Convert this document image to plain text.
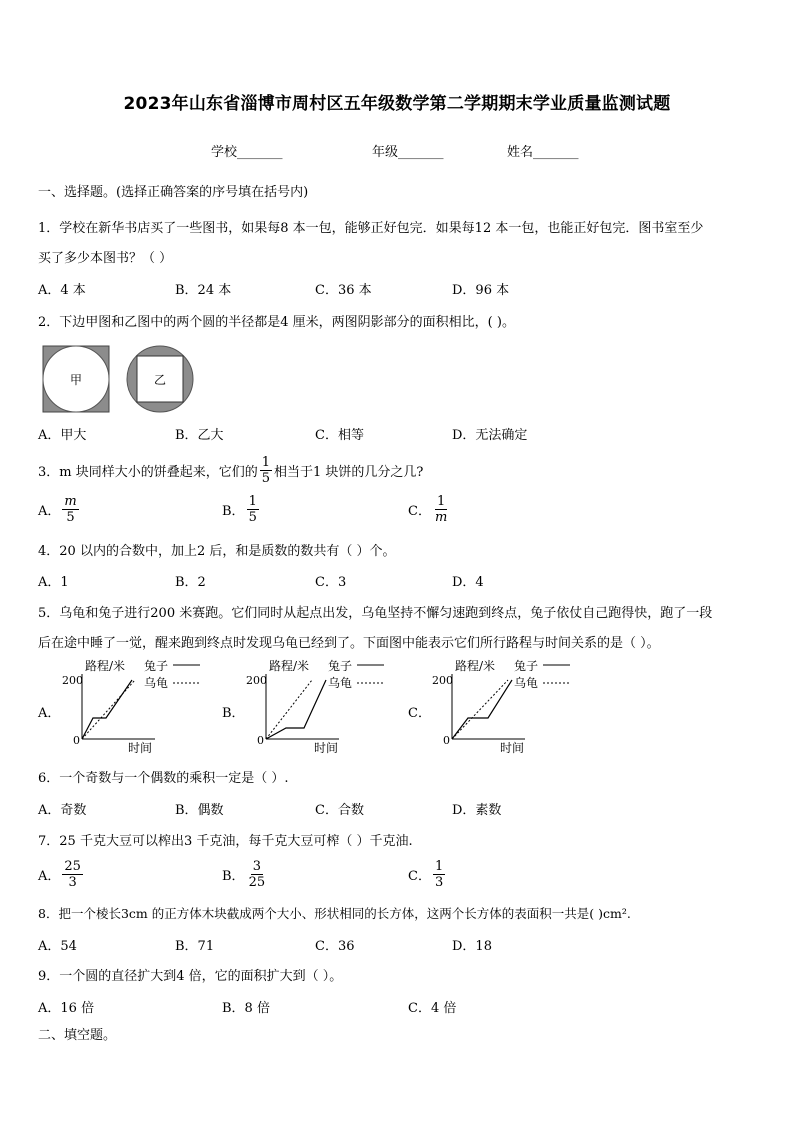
2023年山东省淄博市周村区五年级数学第二学期期末学业质量监测试题
学校_______	年级_______	姓名_______
一、选择题。(选择正确答案的序号填在括号内)
1．学校在新华书店买了一些图书，如果每8 本一包，能够正好包完．如果每12 本一包，也能正好包完．图书室至少
买了多少本图书？（ ）
A．4 本	B．24 本	C．36 本	D．96 本
2．下边甲图和乙图中的两个圆的半径都是4 厘米，两图阴影部分的面积相比，( )。
甲	乙
A．甲大	B．乙大	C．相等	D．无法确定
3．m 块同样大小的饼叠起来，它们的 $\frac{1}{5}$ 相当于1 块饼的几分之几?
A． $\frac{m}{5}$	B． $\frac{1}{5}$	C． $\frac{1}{m}$
4．20 以内的合数中，加上2 后，和是质数的数共有（ ）个。
A．1	B．2	C．3	D．4
5．乌龟和兔子进行200 米赛跑。它们同时从起点出发，乌龟坚持不懈匀速跑到终点，兔子依仗自己跑得快，跑了一段
后在途中睡了一觉，醒来跑到终点时发现乌龟已经到了。下面图中能表示它们所行路程与时间关系的是（ ）。
A．	B．	C．
路程/米 兔子
乌龟
200
0
时间
路程/米 兔子
乌龟
200
0
时间
路程/米 兔子
乌龟
200
0
时间
6．一个奇数与一个偶数的乘积一定是（ ）.
A．奇数	B．偶数	C．合数	D．素数
7．25 千克大豆可以榨出3 千克油，每千克大豆可榨（ ）千克油.
A． $\frac{25}{3}$	B． $\frac{3}{25}$	C． $\frac{1}{3}$
8．把一个棱长3cm 的正方体木块截成两个大小、形状相同的长方体，这两个长方体的表面积一共是( )cm².
A．54	B．71	C．36	D．18
9．一个圆的直径扩大到4 倍，它的面积扩大到（ ）。
A．16 倍	B．8 倍	C．4 倍
二、填空题。
